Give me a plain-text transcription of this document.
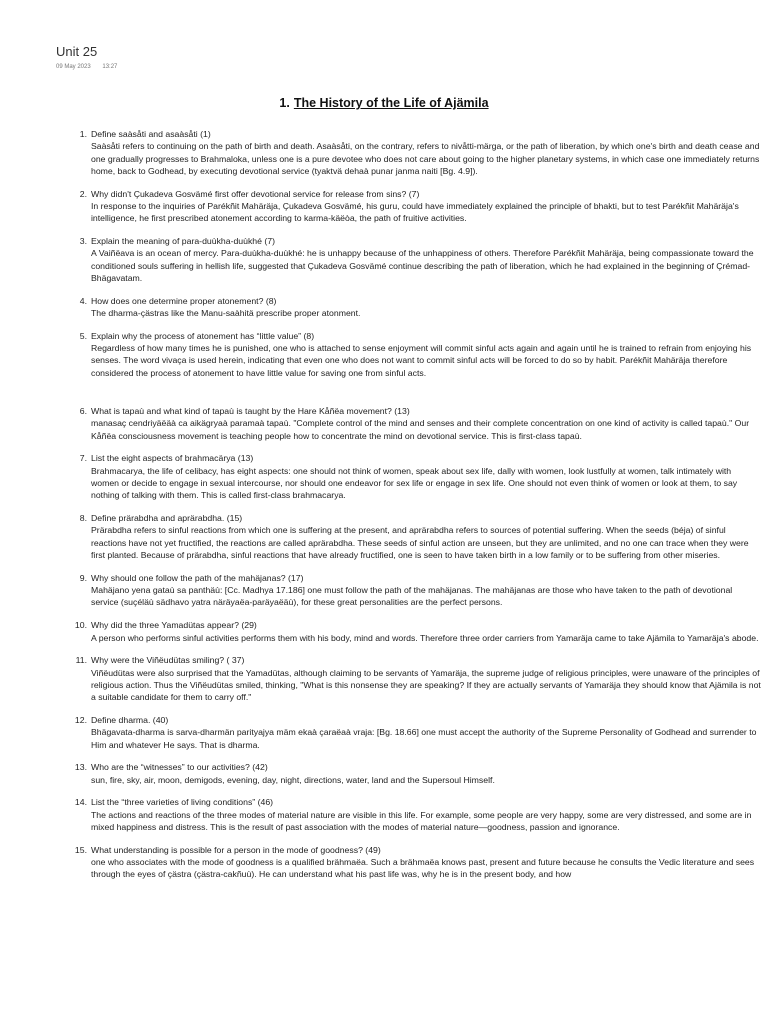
Unit 25
09 May 2023 13:27
1. The History of the Life of Ajämila
1. Define saàsåti and asaàsåti (1)
Saàsåti refers to continuing on the path of birth and death. Asaàsåti, on the contrary, refers to nivåtti-märga, or the path of liberation, by which one's birth and death cease and one gradually progresses to Brahmaloka, unless one is a pure devotee who does not care about going to the higher planetary systems, in which case one immediately returns home, back to Godhead, by executing devotional service (tyaktvä dehaà punar janma naiti [Bg. 4.9]).
2. Why didn't Çukadeva Gosvämé first offer devotional service for release from sins? (7)
In response to the inquiries of Parékñit Mahäräja, Çukadeva Gosvämé, his guru, could have immediately explained the principle of bhakti, but to test Parékñit Mahäräja's intelligence, he first prescribed atonement according to karma-käëòa, the path of fruitive activities.
3. Explain the meaning of para-duùkha-duùkhé (7)
A Vaiñëava is an ocean of mercy. Para-duùkha-duùkhé: he is unhappy because of the unhappiness of others. Therefore Parékñit Mahäräja, being compassionate toward the conditioned souls suffering in hellish life, suggested that Çukadeva Gosvämé continue describing the path of liberation, which he had explained in the beginning of Çrémad-Bhägavatam.
4. How does one determine proper atonement? (8)
The dharma-çästras like the Manu-saàhitä prescribe proper atonment.
5. Explain why the process of atonement has “little value” (8)
Regardless of how many times he is punished, one who is attached to sense enjoyment will commit sinful acts again and again until he is trained to refrain from enjoying his senses. The word vivaça is used herein, indicating that even one who does not want to commit sinful acts will be forced to do so by habit. Parékñit Mahäräja therefore considered the process of atonement to have little value for saving one from sinful acts.
6. What is tapaù and what kind of tapaù is taught by the Hare Kåñëa movement? (13)
manasaç cendriyäëäà ca aikägryaà paramaà tapaù. "Complete control of the mind and senses and their complete concentration on one kind of activity is called tapaù." Our Kåñëa consciousness movement is teaching people how to concentrate the mind on devotional service. This is first-class tapaù.
7. List the eight aspects of brahmacärya (13)
Brahmacarya, the life of celibacy, has eight aspects: one should not think of women, speak about sex life, dally with women, look lustfully at women, talk intimately with women or decide to engage in sexual intercourse, nor should one endeavor for sex life or engage in sex life. One should not even think of women or look at them, to say nothing of talking with them. This is called first-class brahmacarya.
8. Define prärabdha and aprärabdha. (15)
Prärabdha refers to sinful reactions from which one is suffering at the present, and aprärabdha refers to sources of potential suffering. When the seeds (béja) of sinful reactions have not yet fructified, the reactions are called aprärabdha. These seeds of sinful action are unseen, but they are unlimited, and no one can trace when they were first planted. Because of prärabdha, sinful reactions that have already fructified, one is seen to have taken birth in a low family or to be suffering from other miseries.
9. Why should one follow the path of the mahäjanas? (17)
Mahäjano yena gataù sa panthäù: [Cc. Madhya 17.186] one must follow the path of the mahäjanas. The mahäjanas are those who have taken to the path of devotional service (suçéläù sädhavo yatra näräyaëa-paräyaëäù), for these great personalities are the perfect persons.
10. Why did the three Yamadütas appear? (29)
A person who performs sinful activities performs them with his body, mind and words. Therefore three order carriers from Yamaräja came to take Ajämila to Yamaräja's abode.
11. Why were the Viñëudütas smiling? ( 37)
Viñëudütas were also surprised that the Yamadütas, although claiming to be servants of Yamaräja, the supreme judge of religious principles, were unaware of the principles of religious action. Thus the Viñëudütas smiled, thinking, "What is this nonsense they are speaking? If they are actually servants of Yamaräja they should know that Ajämila is not a suitable candidate for them to carry off."
12. Define dharma. (40)
Bhägavata-dharma is sarva-dharmän parityajya mäm ekaà çaraëaà vraja: [Bg. 18.66] one must accept the authority of the Supreme Personality of Godhead and surrender to Him and whatever He says. That is dharma.
13. Who are the “witnesses” to our activities? (42)
sun, fire, sky, air, moon, demigods, evening, day, night, directions, water, land and the Supersoul Himself.
14. List the “three varieties of living conditions” (46)
The actions and reactions of the three modes of material nature are visible in this life. For example, some people are very happy, some are very distressed, and some are in mixed happiness and distress. This is the result of past association with the modes of material nature—goodness, passion and ignorance.
15. What understanding is possible for a person in the mode of goodness? (49)
one who associates with the mode of goodness is a qualified brähmaëa. Such a brähmaëa knows past, present and future because he consults the Vedic literature and sees through the eyes of çästra (çästra-cakñuù). He can understand what his past life was, why he is in the present body, and how
